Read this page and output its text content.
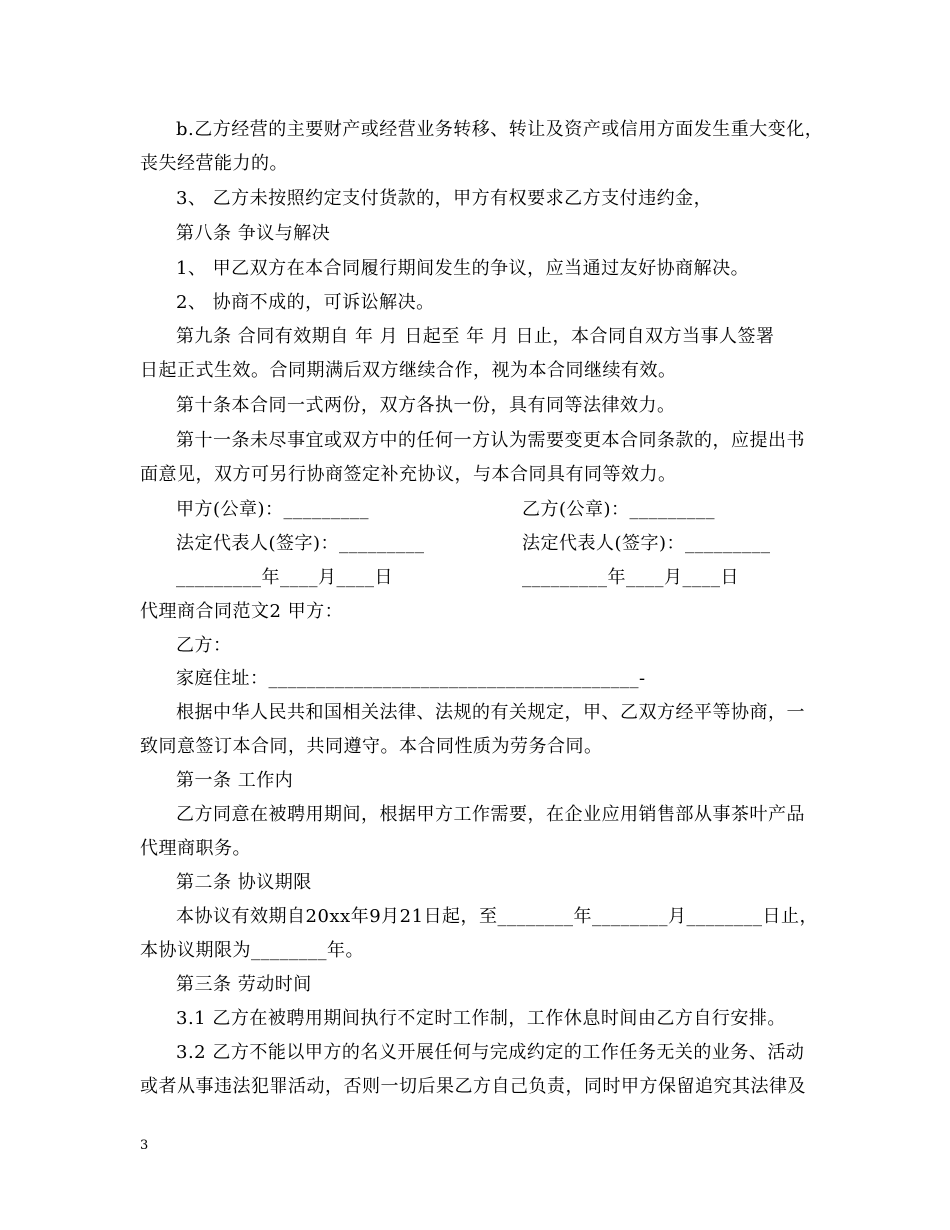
b.乙方经营的主要财产或经营业务转移、转让及资产或信用方面发生重大变化，
丧失经营能力的。
3、 乙方未按照约定支付货款的，甲方有权要求乙方支付违约金，
第八条 争议与解决
1、 甲乙双方在本合同履行期间发生的争议，应当通过友好协商解决。
2、 协商不成的，可诉讼解决。
第九条 合同有效期自 年 月 日起至 年 月 日止，本合同自双方当事人签署
日起正式生效。合同期满后双方继续合作，视为本合同继续有效。
第十条本合同一式两份，双方各执一份，具有同等法律效力。
第十一条未尽事宜或双方中的任何一方认为需要变更本合同条款的，应提出书
面意见，双方可另行协商签定补充协议，与本合同具有同等效力。
甲方(公章)：_________	乙方(公章)：_________
法定代表人(签字)：_________	法定代表人(签字)：_________
_________年____月____日	_________年____月____日
代理商合同范文2 甲方：
乙方：
家庭住址：_______________________________________-
根据中华人民共和国相关法律、法规的有关规定，甲、乙双方经平等协商，一
致同意签订本合同，共同遵守。本合同性质为劳务合同。
第一条 工作内
乙方同意在被聘用期间，根据甲方工作需要，在企业应用销售部从事茶叶产品
代理商职务。
第二条 协议期限
本协议有效期自20xx年9月21日起，至________年________月________日止，
本协议期限为________年。
第三条 劳动时间
3.1 乙方在被聘用期间执行不定时工作制，工作休息时间由乙方自行安排。
3.2 乙方不能以甲方的名义开展任何与完成约定的工作任务无关的业务、活动
或者从事违法犯罪活动，否则一切后果乙方自己负责，同时甲方保留追究其法律及
3
